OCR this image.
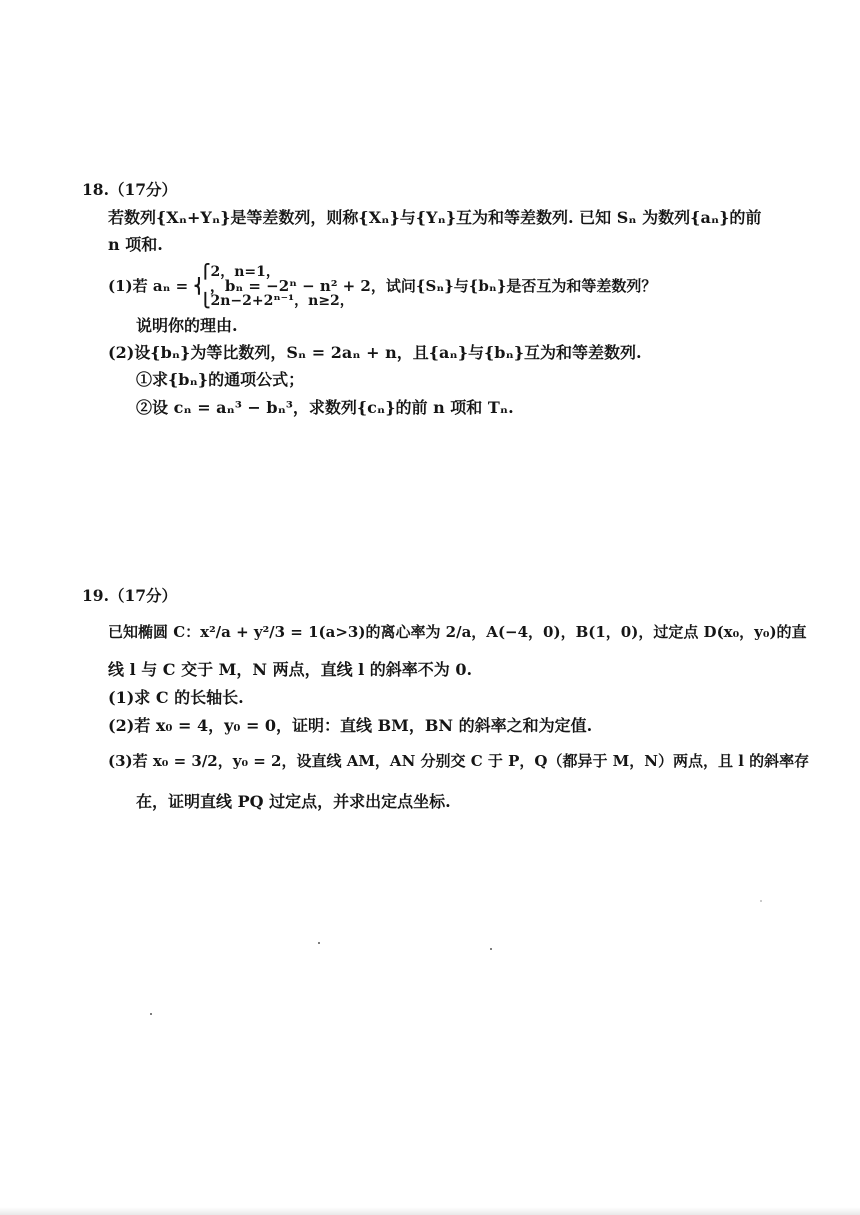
18.（17分）
若数列{Xₙ+Yₙ}是等差数列，则称{Xₙ}与{Yₙ}互为和等差数列. 已知 Sₙ 为数列{aₙ}的前
n 项和.
⎧2，n=1，
(1)若 aₙ = ⎨ ，bₙ = −2ⁿ − n² + 2，试问{Sₙ}与{bₙ}是否互为和等差数列？
⎩2n−2+2ⁿ⁻¹，n≥2，
说明你的理由.
(2)设{bₙ}为等比数列，Sₙ = 2aₙ + n，且{aₙ}与{bₙ}互为和等差数列.
①求{bₙ}的通项公式；
②设 cₙ = aₙ³ − bₙ³，求数列{cₙ}的前 n 项和 Tₙ.
19.（17分）
已知椭圆 C：x²/a + y²/3 = 1(a>3)的离心率为 2/a，A(−4，0)，B(1，0)，过定点 D(x₀，y₀)的直
线 l 与 C 交于 M，N 两点，直线 l 的斜率不为 0.
(1)求 C 的长轴长.
(2)若 x₀ = 4，y₀ = 0，证明：直线 BM，BN 的斜率之和为定值.
(3)若 x₀ = 3/2，y₀ = 2，设直线 AM，AN 分别交 C 于 P，Q（都异于 M，N）两点，且 l 的斜率存
在，证明直线 PQ 过定点，并求出定点坐标.
